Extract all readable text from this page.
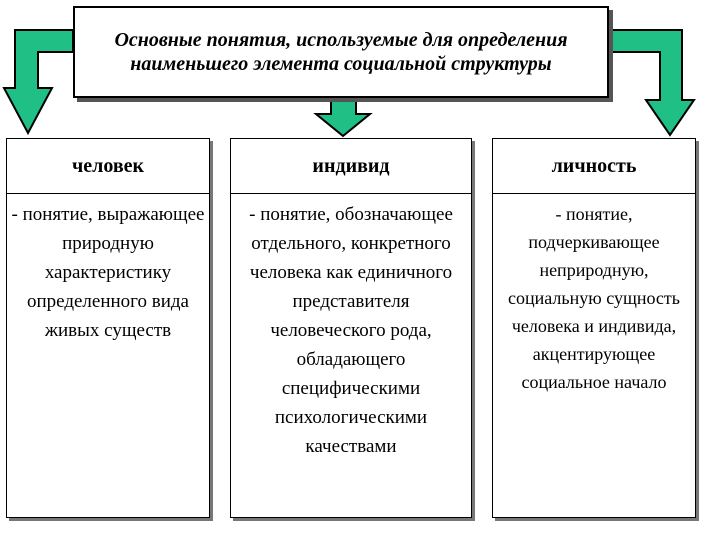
Основные понятия, используемые для определения наименьшего элемента социальной структуры
человек
- понятие, выражающее природную характеристику определенного вида живых существ
индивид
- понятие, обозначающее отдельного, конкретного человека как единичного представителя человеческого рода, обладающего специфическими психологическими качествами
личность
- понятие, подчеркивающее неприродную, социальную сущность человека и индивида, акцентирующее социальное начало
